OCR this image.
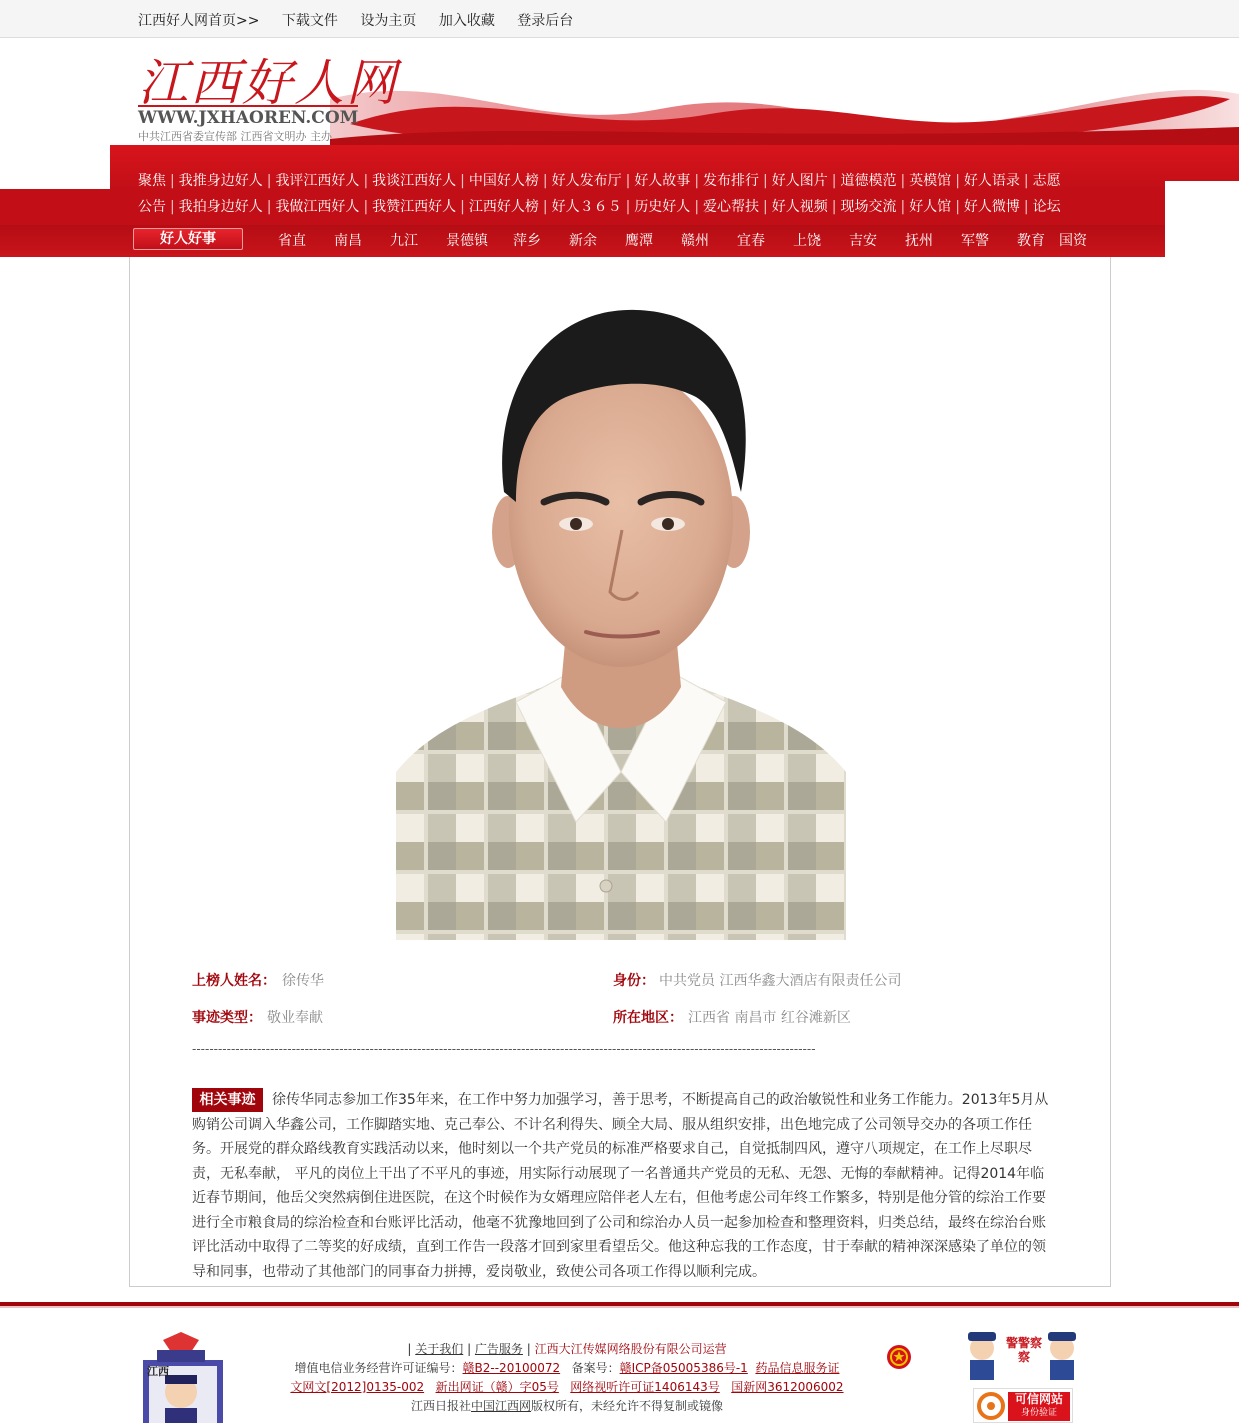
江西好人网首页>> 下载文件 设为主页 加入收藏 登录后台
江西好人网
WWW.JXHAOREN.COM
中共江西省委宣传部 江西省文明办 主办
聚焦 | 我推身边好人 | 我评江西好人 | 我谈江西好人 | 中国好人榜 | 好人发布厅 | 好人故事 | 发布排行 | 好人图片 | 道德模范 | 英模馆 | 好人语录 | 志愿
公告 | 我拍身边好人 | 我做江西好人 | 我赞江西好人 | 江西好人榜 | 好人３６５ | 历史好人 | 爱心帮扶 | 好人视频 | 现场交流 | 好人馆 | 好人微博 | 论坛
好人好事	省直 南昌 九江 景德镇 萍乡 新余 鹰潭 赣州 宜春 上饶 吉安 抚州 军警 教育 国资
上榜人姓名： 徐传华	身份： 中共党员 江西华鑫大酒店有限责任公司
事迹类型： 敬业奉献	所在地区： 江西省 南昌市 红谷滩新区
------------------------------------------------------------------------------------------------------------------------------------------------
徐传华同志参加工作35年来，在工作中努力加强学习，善于思考，不断提高自己的政治敏锐性和业务工作能力。2013年5月从购销公司调入华鑫公司，工作脚踏实地、克己奉公、不计名利得失、顾全大局、服从组织安排，出色地完成了公司领导交办的各项工作任务。开展党的群众路线教育实践活动以来，他时刻以一个共产党员的标准严格要求自己，自觉抵制四风，遵守八项规定，在工作上尽职尽责，无私奉献， 平凡的岗位上干出了不平凡的事迹，用实际行动展现了一名普通共产党员的无私、无怨、无悔的奉献精神。记得2014年临近春节期间，他岳父突然病倒住进医院，在这个时候作为女婿理应陪伴老人左右，但他考虑公司年终工作繁多，特别是他分管的综治工作要进行全市粮食局的综治检查和台账评比活动，他毫不犹豫地回到了公司和综治办人员一起参加检查和整理资料，归类总结，最终在综治台账评比活动中取得了二等奖的好成绩，直到工作告一段落才回到家里看望岳父。他这种忘我的工作态度，甘于奉献的精神深深感染了单位的领导和同事，也带动了其他部门的同事奋力拼搏，爱岗敬业，致使公司各项工作得以顺利完成。
相关事迹
江西
| 关于我们 | 广告服务 | 江西大江传媒网络股份有限公司运营
增值电信业务经营许可证编号：赣B2--20100072 备案号：赣ICP备05005386号-1 药品信息服务证
文网文[2012]0135-002 新出网证（赣）字05号 网络视听许可证1406143号 国新网3612006002
江西日报社中国江西网版权所有，未经允许不得复制或镜像
警警察察
可信网站
身份验证
